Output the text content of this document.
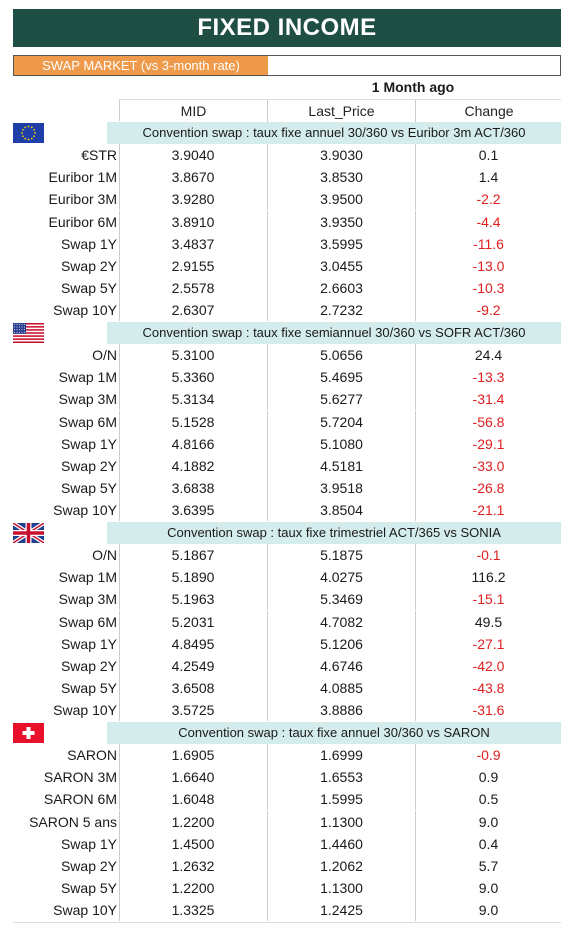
FIXED INCOME
SWAP MARKET (vs 3-month rate)
1 Month ago
MID	Last_Price	Change
Convention swap : taux fixe annuel 30/360 vs Euribor 3m ACT/360
€STR	3.9040	3.9030	0.1
Euribor 1M	3.8670	3.8530	1.4
Euribor 3M	3.9280	3.9500	-2.2
Euribor 6M	3.8910	3.9350	-4.4
Swap 1Y	3.4837	3.5995	-11.6
Swap 2Y	2.9155	3.0455	-13.0
Swap 5Y	2.5578	2.6603	-10.3
Swap 10Y	2.6307	2.7232	-9.2
Convention swap : taux fixe semiannuel 30/360 vs SOFR ACT/360
O/N	5.3100	5.0656	24.4
Swap 1M	5.3360	5.4695	-13.3
Swap 3M	5.3134	5.6277	-31.4
Swap 6M	5.1528	5.7204	-56.8
Swap 1Y	4.8166	5.1080	-29.1
Swap 2Y	4.1882	4.5181	-33.0
Swap 5Y	3.6838	3.9518	-26.8
Swap 10Y	3.6395	3.8504	-21.1
Convention swap : taux fixe trimestriel ACT/365 vs SONIA
O/N	5.1867	5.1875	-0.1
Swap 1M	5.1890	4.0275	116.2
Swap 3M	5.1963	5.3469	-15.1
Swap 6M	5.2031	4.7082	49.5
Swap 1Y	4.8495	5.1206	-27.1
Swap 2Y	4.2549	4.6746	-42.0
Swap 5Y	3.6508	4.0885	-43.8
Swap 10Y	3.5725	3.8886	-31.6
Convention swap : taux fixe annuel 30/360 vs SARON
SARON	1.6905	1.6999	-0.9
SARON 3M	1.6640	1.6553	0.9
SARON 6M	1.6048	1.5995	0.5
SARON 5 ans	1.2200	1.1300	9.0
Swap 1Y	1.4500	1.4460	0.4
Swap 2Y	1.2632	1.2062	5.7
Swap 5Y	1.2200	1.1300	9.0
Swap 10Y	1.3325	1.2425	9.0
